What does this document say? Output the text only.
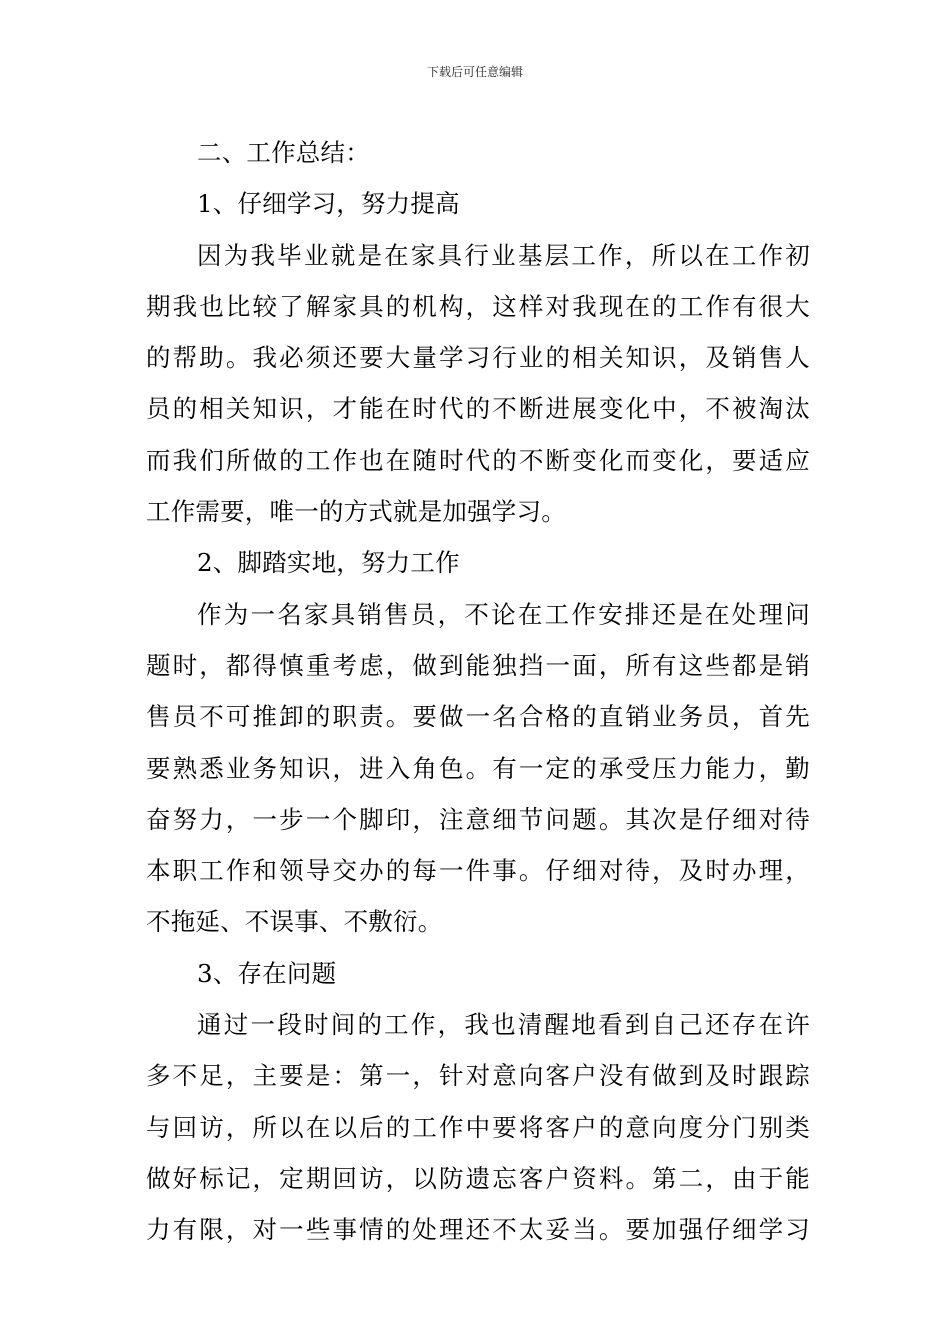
下载后可任意编辑
二、工作总结：
1、仔细学习，努力提高
因为我毕业就是在家具行业基层工作，所以在工作初
期我也比较了解家具的机构，这样对我现在的工作有很大
的帮助。我必须还要大量学习行业的相关知识，及销售人
员的相关知识，才能在时代的不断进展变化中，不被淘汰
而我们所做的工作也在随时代的不断变化而变化，要适应
工作需要，唯一的方式就是加强学习。
2、脚踏实地，努力工作
作为一名家具销售员，不论在工作安排还是在处理问
题时，都得慎重考虑，做到能独挡一面，所有这些都是销
售员不可推卸的职责。要做一名合格的直销业务员，首先
要熟悉业务知识，进入角色。有一定的承受压力能力，勤
奋努力，一步一个脚印，注意细节问题。其次是仔细对待
本职工作和领导交办的每一件事。仔细对待，及时办理，
不拖延、不误事、不敷衍。
3、存在问题
通过一段时间的工作，我也清醒地看到自己还存在许
多不足，主要是：第一，针对意向客户没有做到及时跟踪
与回访，所以在以后的工作中要将客户的意向度分门别类
做好标记，定期回访，以防遗忘客户资料。第二，由于能
力有限，对一些事情的处理还不太妥当。要加强仔细学习
